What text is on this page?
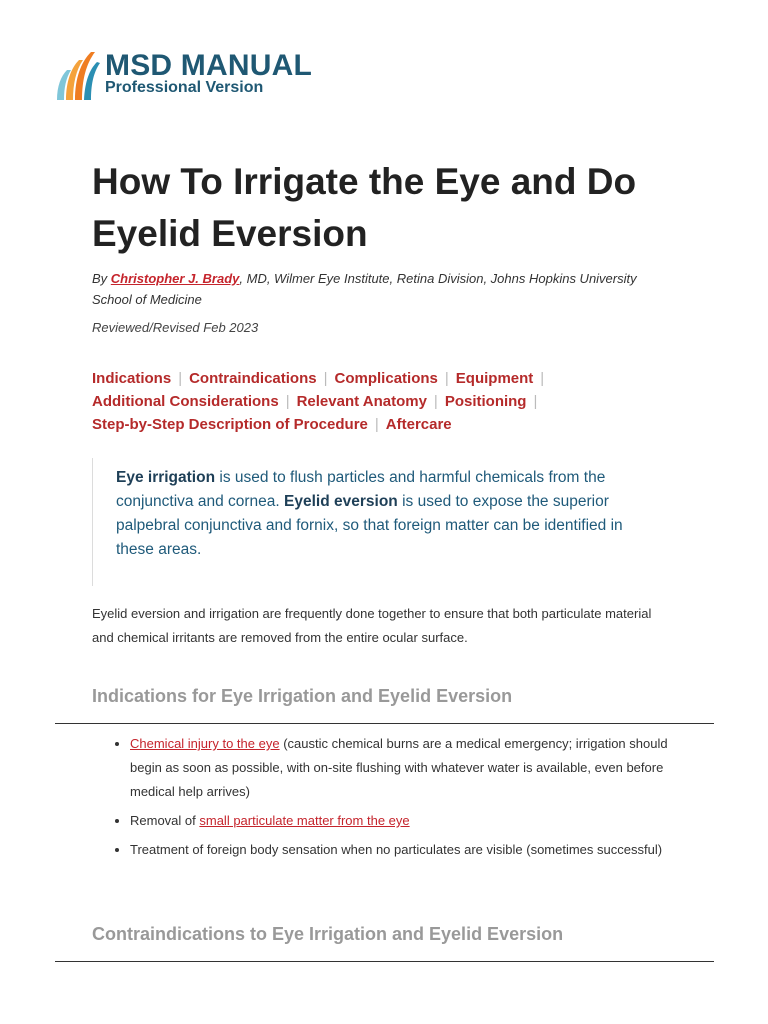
MSD MANUAL
Professional Version
How To Irrigate the Eye and Do
Eyelid Eversion
By Christopher J. Brady, MD, Wilmer Eye Institute, Retina Division, Johns Hopkins University School of Medicine
Reviewed/Revised Feb 2023
Indications | Contraindications | Complications | Equipment |
Additional Considerations | Relevant Anatomy | Positioning |
Step-by-Step Description of Procedure | Aftercare

Eye irrigation is used to flush particles and harmful chemicals from the conjunctiva and cornea. Eyelid eversion is used to expose the superior palpebral conjunctiva and fornix, so that foreign matter can be identified in these areas.

Eyelid eversion and irrigation are frequently done together to ensure that both particulate material and chemical irritants are removed from the entire ocular surface.

Indications for Eye Irrigation and Eyelid Eversion
• Chemical injury to the eye (caustic chemical burns are a medical emergency; irrigation should begin as soon as possible, with on-site flushing with whatever water is available, even before medical help arrives)
• Removal of small particulate matter from the eye
• Treatment of foreign body sensation when no particulates are visible (sometimes successful)
Contraindications to Eye Irrigation and Eyelid Eversion
